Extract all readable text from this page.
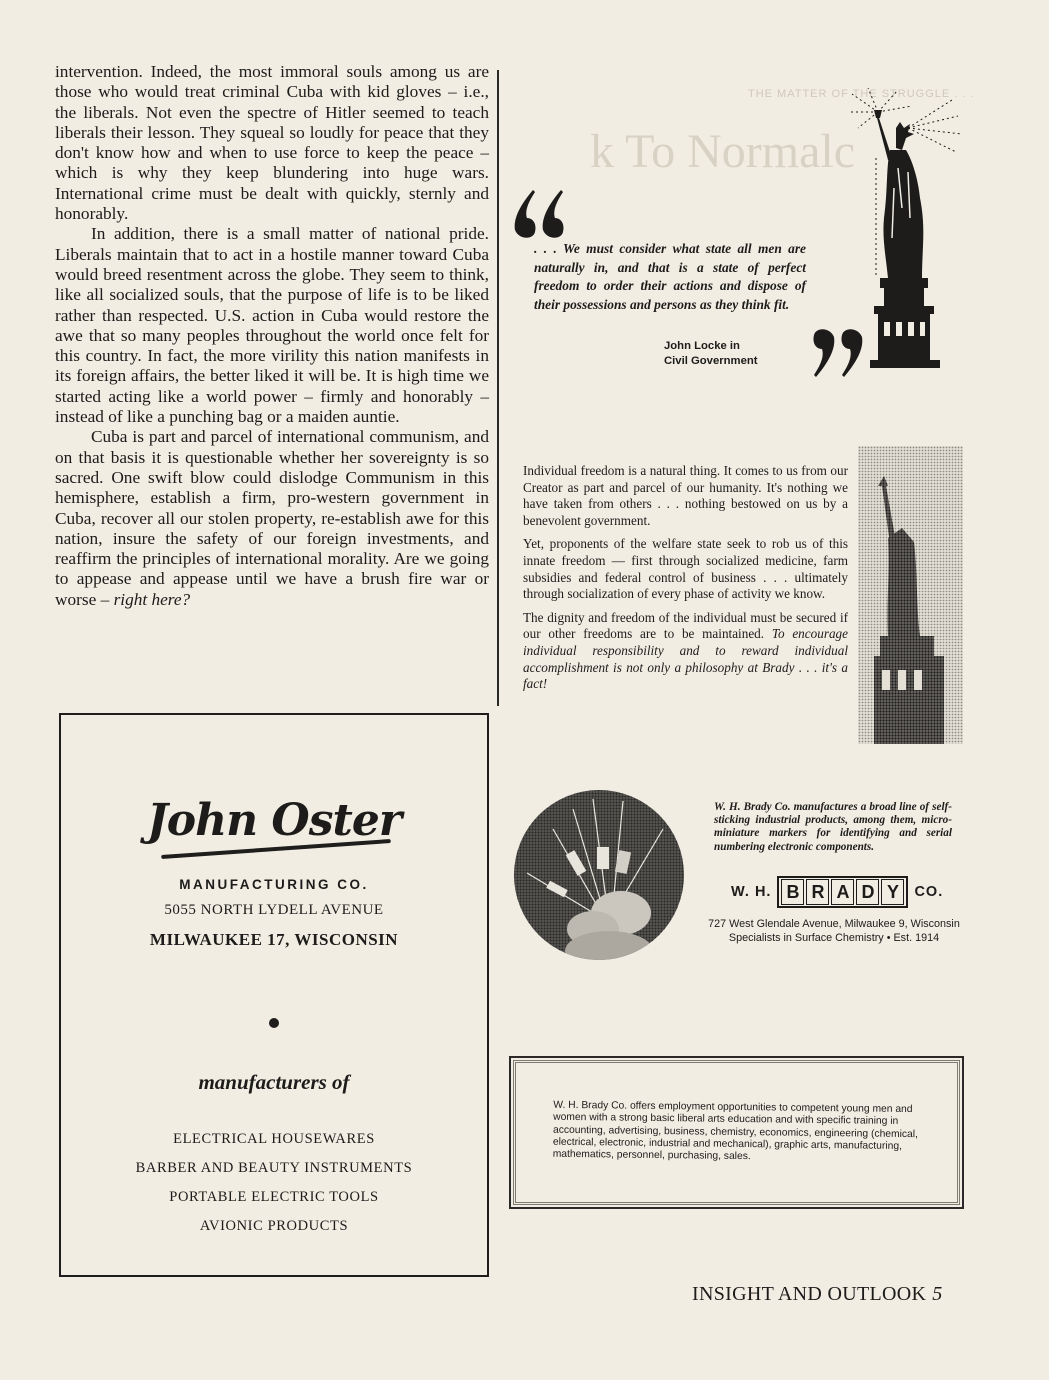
THE MATTER OF THE STRUGGLE . . .
k To Normalc

intervention. Indeed, the most immoral souls among us are those who would treat criminal Cuba with kid gloves – i.e., the liberals. Not even the spectre of Hitler seemed to teach liberals their lesson. They squeal so loudly for peace that they don't know how and when to use force to keep the peace – which is why they keep blundering into huge wars. International crime must be dealt with quickly, sternly and honorably.

In addition, there is a small matter of national pride. Liberals maintain that to act in a hostile manner toward Cuba would breed resentment across the globe. They seem to think, like all socialized souls, that the purpose of life is to be liked rather than respected. U.S. action in Cuba would restore the awe that so many peoples throughout the world once felt for this country. In fact, the more virility this nation manifests in its foreign affairs, the better liked it will be. It is high time we started acting like a world power – firmly and honorably – instead of like a punching bag or a maiden auntie.

Cuba is part and parcel of international communism, and on that basis it is questionable whether her sovereignty is so sacred. One swift blow could dislodge Communism in this hemisphere, establish a firm, pro-western government in Cuba, recover all our stolen property, re-establish awe for this nation, insure the safety of our foreign investments, and reaffirm the principles of international morality. Are we going to appease and appease until we have a brush fire war or worse – right here?

John Oster
MANUFACTURING CO.
5055 NORTH LYDELL AVENUE
MILWAUKEE 17, WISCONSIN
manufacturers of
ELECTRICAL HOUSEWARES
BARBER AND BEAUTY INSTRUMENTS
PORTABLE ELECTRIC TOOLS
AVIONIC PRODUCTS
. . . We must consider what state all men are naturally in, and that is a state of perfect freedom to order their actions and dispose of their possessions and persons as they think fit.
John Locke in
Civil Government

Individual freedom is a natural thing. It comes to us from our Creator as part and parcel of our humanity. It's nothing we have taken from others . . . nothing bestowed on us by a benevolent government.

Yet, proponents of the welfare state seek to rob us of this innate freedom — first through socialized medicine, farm subsidies and federal control of business . . . ultimately through socialization of every phase of activity we know.

The dignity and freedom of the individual must be secured if our other freedoms are to be maintained. To encourage individual responsibility and to reward individual accomplishment is not only a philosophy at Brady . . . it's a fact!

W. H. Brady Co. manufactures a broad line of self-sticking industrial products, among them, micro-miniature markers for identifying and serial numbering electronic components.
W. H. B R A D Y	CO.
727 West Glendale Avenue, Milwaukee 9, Wisconsin
Specialists in Surface Chemistry • Est. 1914
W. H. Brady Co. offers employment opportunities to competent young men and women with a strong basic liberal arts education and with specific training in accounting, advertising, business, chemistry, economics, engineering (chemical, electrical, electronic, industrial and mechanical), graphic arts, manufacturing, mathematics, personnel, purchasing, sales.
INSIGHT AND OUTLOOK 5
